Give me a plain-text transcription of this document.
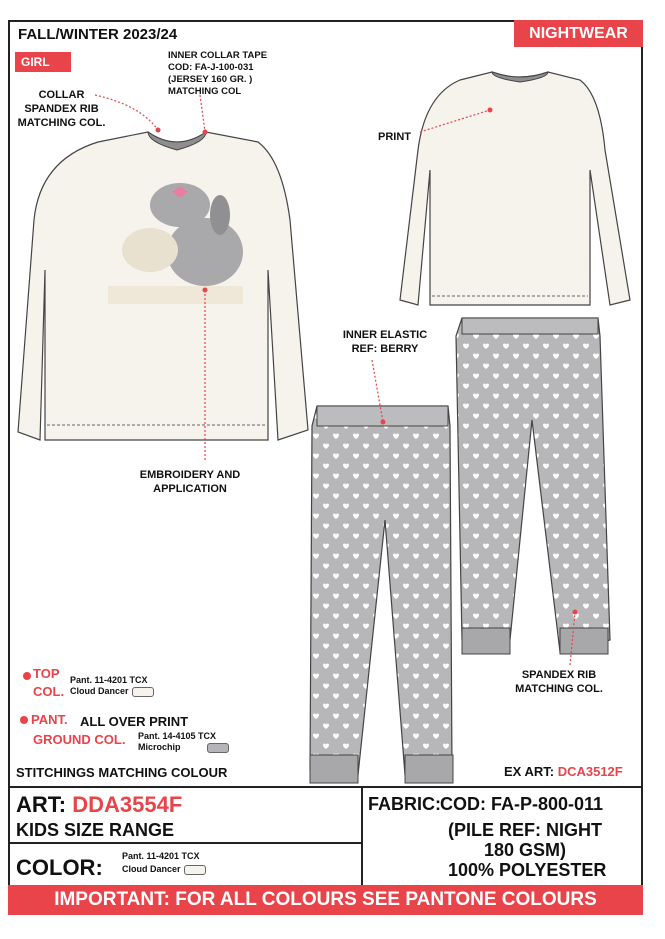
FALL/WINTER 2023/24
GIRL
NIGHTWEAR
COLLAR
SPANDEX RIB
MATCHING COL.
INNER COLLAR TAPE
COD: FA-J-100-031
(JERSEY 160 GR. )
MATCHING COL
PRINT
EMBROIDERY AND
APPLICATION
INNER ELASTIC
REF: BERRY
SPANDEX RIB
MATCHING COL.
TOP
COL.
Pant. 11-4201 TCX
Cloud Dancer
PANT. ALL OVER PRINT
GROUND COL. Pant. 14-4105 TCX
Microchip
STITCHINGS MATCHING COLOUR	EX ART: DCA3512F
ART: DDA3554F
KIDS SIZE RANGE
COLOR: Pant. 11-4201 TCX
Cloud Dancer
FABRIC: COD: FA-P-800-011
(PILE REF: NIGHT
180 GSM)
100% POLYESTER
IMPORTANT: FOR ALL COLOURS SEE PANTONE COLOURS
